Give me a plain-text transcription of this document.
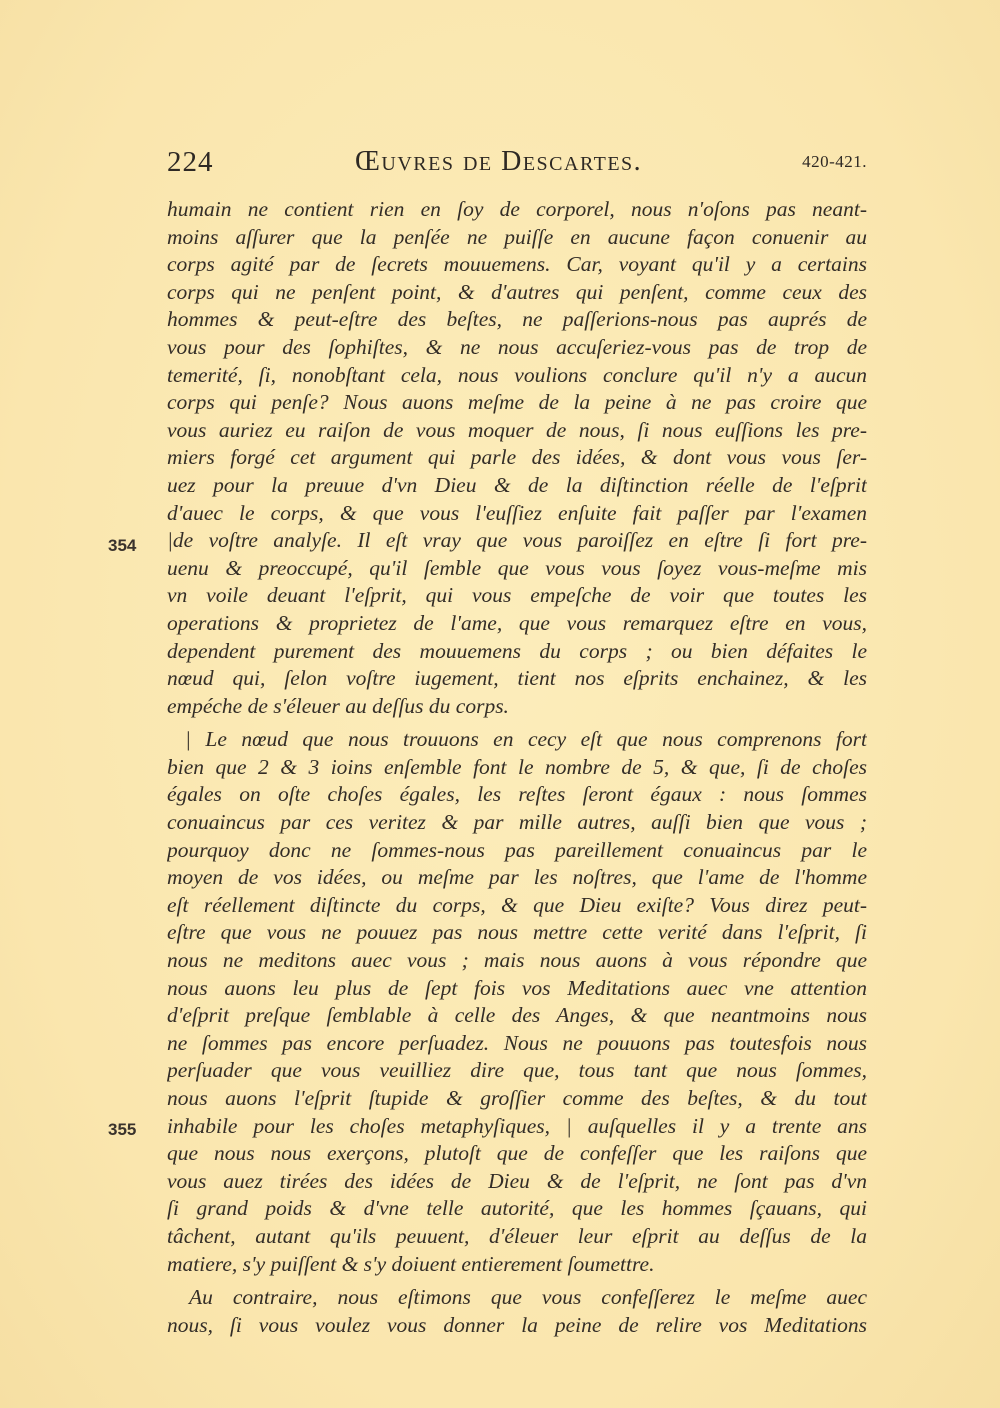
224	Œuvres de Descartes.	420-421.
354
355
humain ne contient rien en ſoy de corporel, nous n'oſons pas neant-
moins aſſurer que la penſée ne puiſſe en aucune façon conuenir au
corps agité par de ſecrets mouuemens. Car, voyant qu'il y a certains
corps qui ne penſent point, & d'autres qui penſent, comme ceux des
hommes & peut-eſtre des beſtes, ne paſſerions-nous pas auprés de
vous pour des ſophiſtes, & ne nous accuſeriez-vous pas de trop de
temerité, ſi, nonobſtant cela, nous voulions conclure qu'il n'y a aucun
corps qui penſe? Nous auons meſme de la peine à ne pas croire que
vous auriez eu raiſon de vous moquer de nous, ſi nous euſſions les pre-
miers forgé cet argument qui parle des idées, & dont vous vous ſer-
uez pour la preuue d'vn Dieu & de la diſtinction réelle de l'eſprit
d'auec le corps, & que vous l'euſſiez enſuite fait paſſer par l'examen
|de voſtre analyſe. Il eſt vray que vous paroiſſez en eſtre ſi fort pre-
uenu & preoccupé, qu'il ſemble que vous vous ſoyez vous-meſme mis
vn voile deuant l'eſprit, qui vous empeſche de voir que toutes les
operations & proprietez de l'ame, que vous remarquez eſtre en vous,
dependent purement des mouuemens du corps ; ou bien défaites le
nœud qui, ſelon voſtre iugement, tient nos eſprits enchainez, & les
empéche de s'éleuer au deſſus du corps.
| Le nœud que nous trouuons en cecy eſt que nous comprenons fort
bien que 2 & 3 ioins enſemble font le nombre de 5, & que, ſi de choſes
égales on oſte choſes égales, les reſtes ſeront égaux : nous ſommes
conuaincus par ces veritez & par mille autres, auſſi bien que vous ;
pourquoy donc ne ſommes-nous pas pareillement conuaincus par le
moyen de vos idées, ou meſme par les noſtres, que l'ame de l'homme
eſt réellement diſtincte du corps, & que Dieu exiſte? Vous direz peut-
eſtre que vous ne pouuez pas nous mettre cette verité dans l'eſprit, ſi
nous ne meditons auec vous ; mais nous auons à vous répondre que
nous auons leu plus de ſept fois vos Meditations auec vne attention
d'eſprit preſque ſemblable à celle des Anges, & que neantmoins nous
ne ſommes pas encore perſuadez. Nous ne pouuons pas toutesfois nous
perſuader que vous veuilliez dire que, tous tant que nous ſommes,
nous auons l'eſprit ſtupide & groſſier comme des beſtes, & du tout
inhabile pour les choſes metaphyſiques, | auſquelles il y a trente ans
que nous nous exerçons, plutoſt que de confeſſer que les raiſons que
vous auez tirées des idées de Dieu & de l'eſprit, ne ſont pas d'vn
ſi grand poids & d'vne telle autorité, que les hommes ſçauans, qui
tâchent, autant qu'ils peuuent, d'éleuer leur eſprit au deſſus de la
matiere, s'y puiſſent & s'y doiuent entierement ſoumettre.
Au contraire, nous eſtimons que vous confeſſerez le meſme auec
nous, ſi vous voulez vous donner la peine de relire vos Meditations
